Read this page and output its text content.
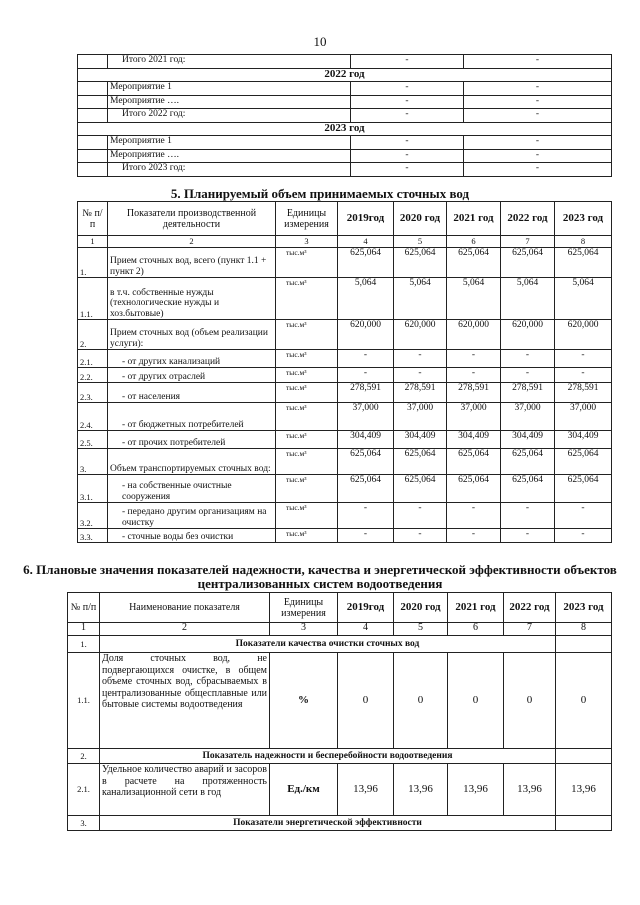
10
	Итого 2021 год:	-	-
2022 год			
	Мероприятие 1	-	-
	Мероприятие ….	-	-
	Итого 2022 год:	-	-
2023 год			
	Мероприятие 1	-	-
	Мероприятие ….	-	-
	Итого 2023 год:	-	-
5. Планируемый объем принимаемых сточных вод
№ п/п	Показатели производственной деятельности	Единицы измерения	2019год	2020 год	2021 год	2022 год	2023 год
1	2	3	4	5	6	7	8
1.	Прием сточных вод, всего (пункт 1.1 + пункт 2)	тыс.м³	625,064	625,064	625,064	625,064	625,064
1.1.	в т.ч. собственные нужды (технологические нужды и хоз.бытовые)	тыс.м³	5,064	5,064	5,064	5,064	5,064
2.	Прием сточных вод (объем реализации услуги):	тыс.м³	620,000	620,000	620,000	620,000	620,000
2.1.	- от других канализаций	тыс.м³	-	-	-	-	-
2.2.	- от других отраслей	тыс.м³	-	-	-	-	-
2.3.	- от населения	тыс.м³	278,591	278,591	278,591	278,591	278,591
2.4.	- от бюджетных потребителей	тыс.м³	37,000	37,000	37,000	37,000	37,000
2.5.	- от прочих потребителей	тыс.м³	304,409	304,409	304,409	304,409	304,409
3.	Объем транспортируемых сточных вод:	тыс.м³	625,064	625,064	625,064	625,064	625,064
3.1.	- на собственные очистные сооружения	тыс.м³	625,064	625,064	625,064	625,064	625,064
3.2.	- передано другим организациям на очистку	тыс.м³	-	-	-	-	-
3.3.	- сточные воды без очистки	тыс.м³	-	-	-	-	-
6. Плановые значения показателей надежности, качества и энергетической эффективности объектов централизованных систем водоотведения
№ п/п	Наименование показателя	Единицы измерения	2019год	2020 год	2021 год	2022 год	2023 год
1	2	3	4	5	6	7	8
1.	Показатели качества очистки сточных вод						
1.1.	Доля сточных вод, не подвергающихся очистке, в общем объеме сточных вод, сбрасываемых в централизованные общесплавные или бытовые системы водоотведения	%	0	0	0	0	0
2.	Показатель надежности и бесперебойности водоотведения						
2.1.	Удельное количество аварий и засоров в расчете на протяженность канализационной сети в год	Ед./км	13,96	13,96	13,96	13,96	13,96
3.	Показатели энергетической эффективности						
